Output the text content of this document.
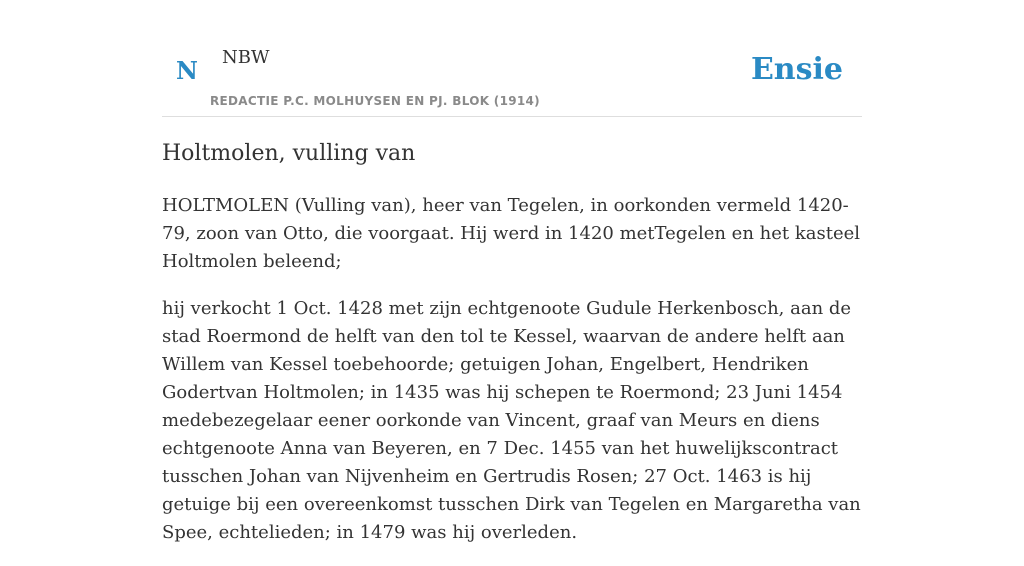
N NBW
REDACTIE P.C. MOLHUYSEN EN PJ. BLOK (1914)
Ensie
Holtmolen, vulling van

HOLTMOLEN (Vulling van), heer van Tegelen, in oorkonden vermeld 1420-79, zoon van Otto, die voorgaat. Hij werd in 1420 metTegelen en het kasteel Holtmolen beleend;

hij verkocht 1 Oct. 1428 met zijn echtgenoote Gudule Herkenbosch, aan de stad Roermond de helft van den tol te Kessel, waarvan de andere helft aan Willem van Kessel toebehoorde; getuigen Johan, Engelbert, Hendriken Godertvan Holtmolen; in 1435 was hij schepen te Roermond; 23 Juni 1454 medebezegelaar eener oorkonde van Vincent, graaf van Meurs en diens echtgenoote Anna van Beyeren, en 7 Dec. 1455 van het huwelijkscontract tusschen Johan van Nijvenheim en Gertrudis Rosen; 27 Oct. 1463 is hij getuige bij een overeenkomst tusschen Dirk van Tegelen en Margaretha van Spee, echtelieden; in 1479 was hij overleden.
